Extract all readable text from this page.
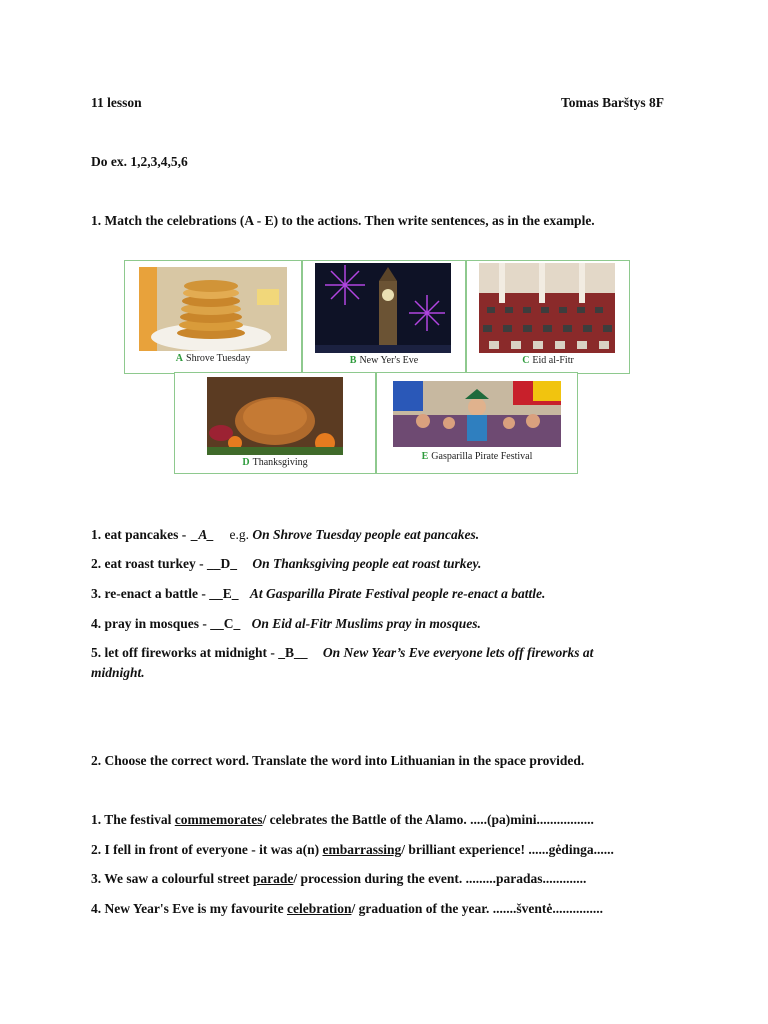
11 lesson	Tomas Barštys 8F
Do ex. 1,2,3,4,5,6
1. Match the celebrations (A - E) to the actions. Then write sentences, as in the example.
A Shrove Tuesday	B New Yer's Eve	C Eid al-Fitr
D Thanksgiving
E Gasparilla Pirate Festival
1. eat pancakes - _A_ e.g. On Shrove Tuesday people eat pancakes.
2. eat roast turkey - __D_ On Thanksgiving people eat roast turkey.
3. re-enact a battle - __E_ At Gasparilla Pirate Festival people re-enact a battle.
4. pray in mosques - __C_ On Eid al-Fitr Muslims pray in mosques.
5. let off fireworks at midnight - _B__ On New Year’s Eve everyone lets off fireworks at
midnight.
2. Choose the correct word. Translate the word into Lithuanian in the space provided.
1. The festival commemorates/ celebrates the Battle of the Alamo. .....(pa)mini.................
2. I fell in front of everyone - it was a(n) embarrassing/ brilliant experience! ......gėdinga......
3. We saw a colourful street parade/ procession during the event. .........paradas.............
4. New Year's Eve is my favourite celebration/ graduation of the year. .......šventė...............
